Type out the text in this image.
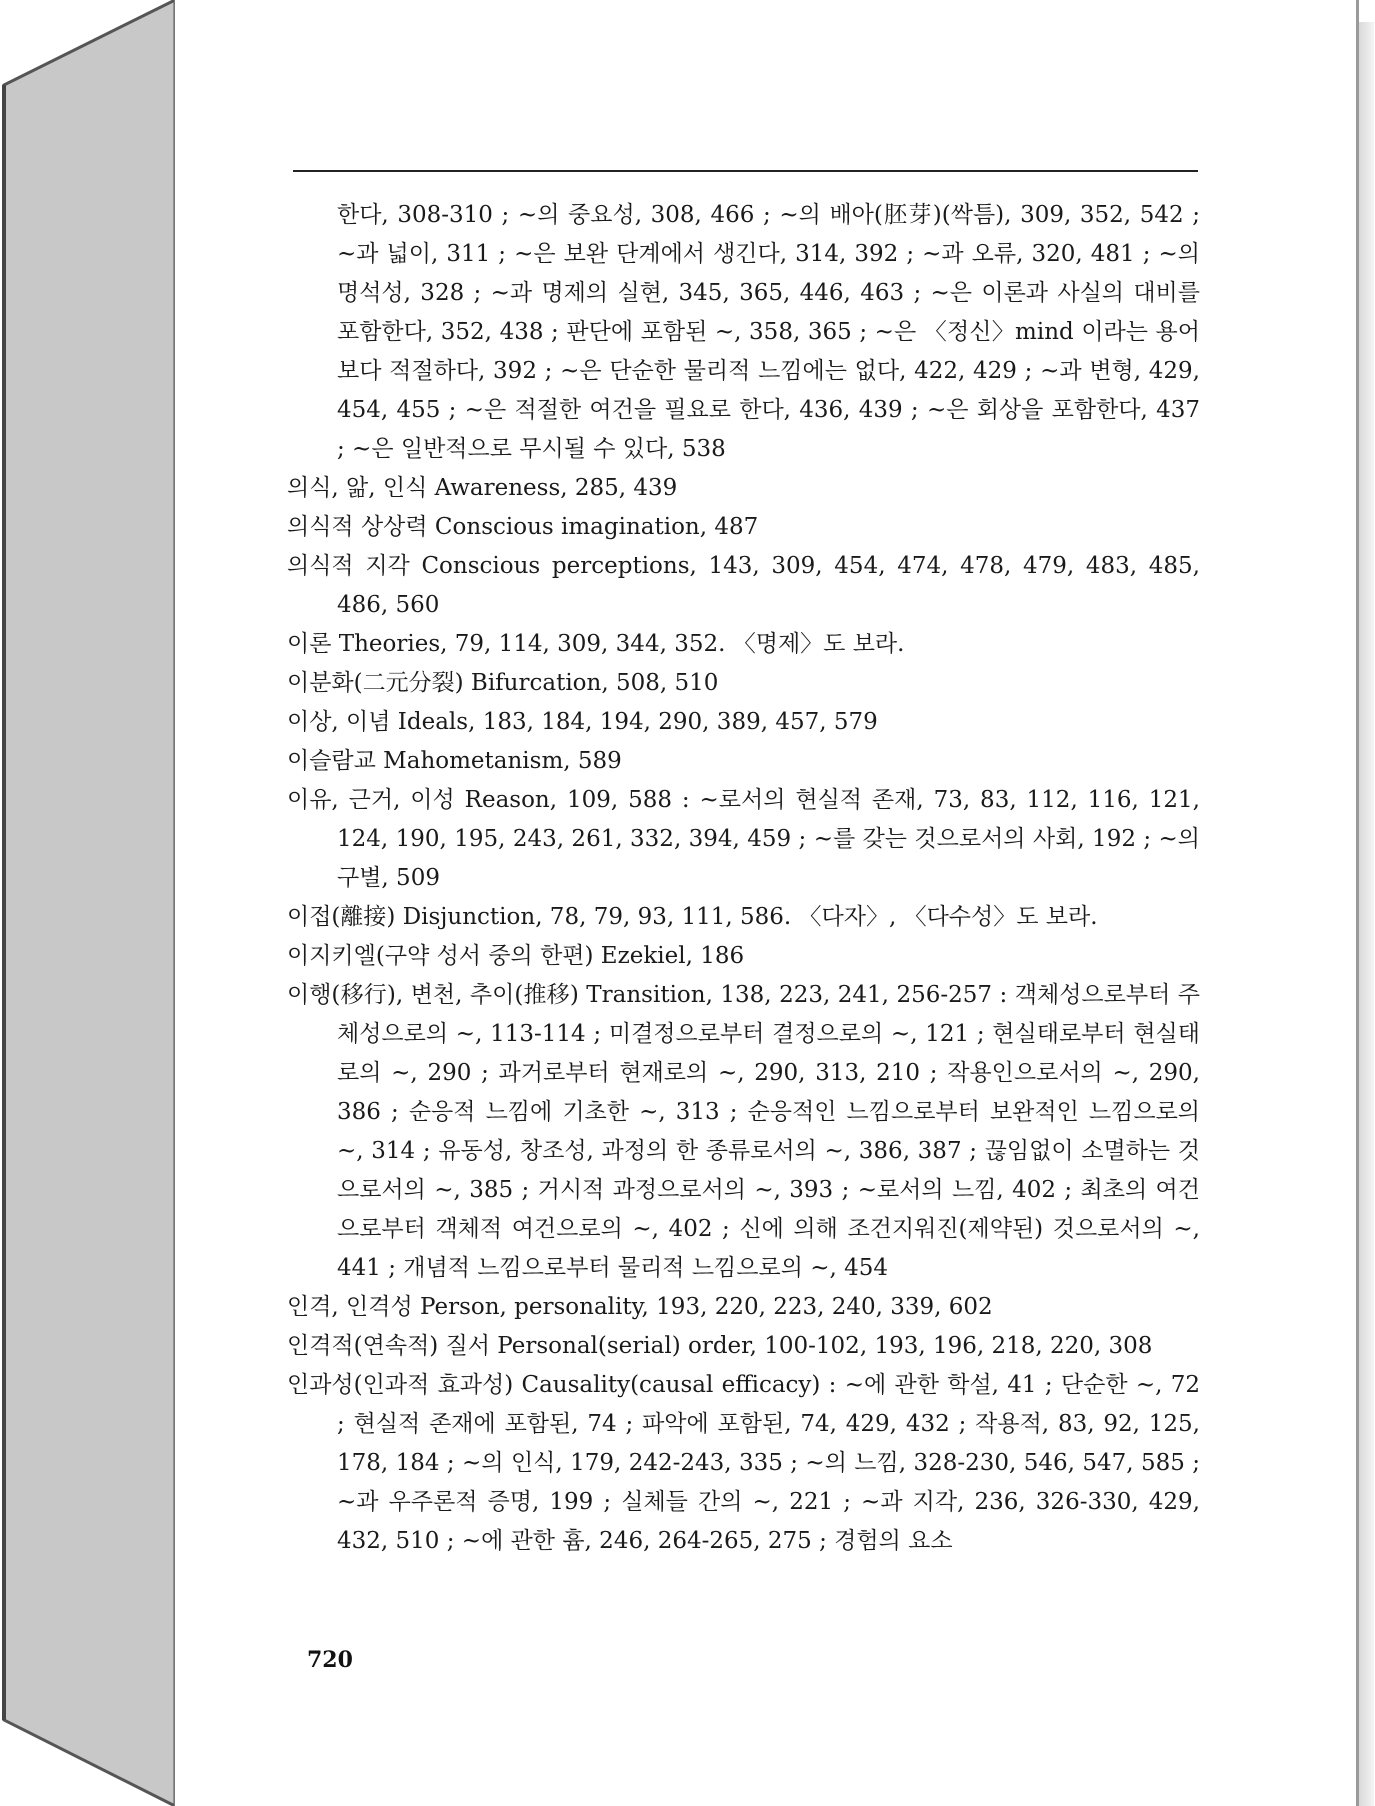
한다, 308-310 ; ~의 중요성, 308, 466 ; ~의 배아(胚芽)(싹틈), 309, 352, 542 ; ~과 넓이, 311 ; ~은 보완 단계에서 생긴다, 314, 392 ; ~과 오류, 320, 481 ; ~의 명석성, 328 ; ~과 명제의 실현, 345, 365, 446, 463 ; ~은 이론과 사실의 대비를 포함한다, 352, 438 ; 판단에 포함된 ~, 358, 365 ; ~은 〈정신〉mind 이라는 용어보다 적절하다, 392 ; ~은 단순한 물리적 느낌에는 없다, 422, 429 ; ~과 변형, 429, 454, 455 ; ~은 적절한 여건을 필요로 한다, 436, 439 ; ~은 회상을 포함한다, 437 ; ~은 일반적으로 무시될 수 있다, 538
의식, 앎, 인식 Awareness, 285, 439
의식적 상상력 Conscious imagination, 487
의식적 지각 Conscious perceptions, 143, 309, 454, 474, 478, 479, 483, 485, 486, 560
이론 Theories, 79, 114, 309, 344, 352. 〈명제〉도 보라.
이분화(二元分裂) Bifurcation, 508, 510
이상, 이념 Ideals, 183, 184, 194, 290, 389, 457, 579
이슬람교 Mahometanism, 589
이유, 근거, 이성 Reason, 109, 588 : ~로서의 현실적 존재, 73, 83, 112, 116, 121, 124, 190, 195, 243, 261, 332, 394, 459 ; ~를 갖는 것으로서의 사회, 192 ; ~의 구별, 509
이접(離接) Disjunction, 78, 79, 93, 111, 586. 〈다자〉, 〈다수성〉도 보라.
이지키엘(구약 성서 중의 한편) Ezekiel, 186
이행(移行), 변천, 추이(推移) Transition, 138, 223, 241, 256-257 : 객체성으로부터 주체성으로의 ~, 113-114 ; 미결정으로부터 결정으로의 ~, 121 ; 현실태로부터 현실태로의 ~, 290 ; 과거로부터 현재로의 ~, 290, 313, 210 ; 작용인으로서의 ~, 290, 386 ; 순응적 느낌에 기초한 ~, 313 ; 순응적인 느낌으로부터 보완적인 느낌으로의 ~, 314 ; 유동성, 창조성, 과정의 한 종류로서의 ~, 386, 387 ; 끊임없이 소멸하는 것으로서의 ~, 385 ; 거시적 과정으로서의 ~, 393 ; ~로서의 느낌, 402 ; 최초의 여건으로부터 객체적 여건으로의 ~, 402 ; 신에 의해 조건지워진(제약된) 것으로서의 ~, 441 ; 개념적 느낌으로부터 물리적 느낌으로의 ~, 454
인격, 인격성 Person, personality, 193, 220, 223, 240, 339, 602
인격적(연속적) 질서 Personal(serial) order, 100-102, 193, 196, 218, 220, 308
인과성(인과적 효과성) Causality(causal efficacy) : ~에 관한 학설, 41 ; 단순한 ~, 72 ; 현실적 존재에 포함된, 74 ; 파악에 포함된, 74, 429, 432 ; 작용적, 83, 92, 125, 178, 184 ; ~의 인식, 179, 242-243, 335 ; ~의 느낌, 328-230, 546, 547, 585 ; ~과 우주론적 증명, 199 ; 실체들 간의 ~, 221 ; ~과 지각, 236, 326-330, 429, 432, 510 ; ~에 관한 흄, 246, 264-265, 275 ; 경험의 요소
720
